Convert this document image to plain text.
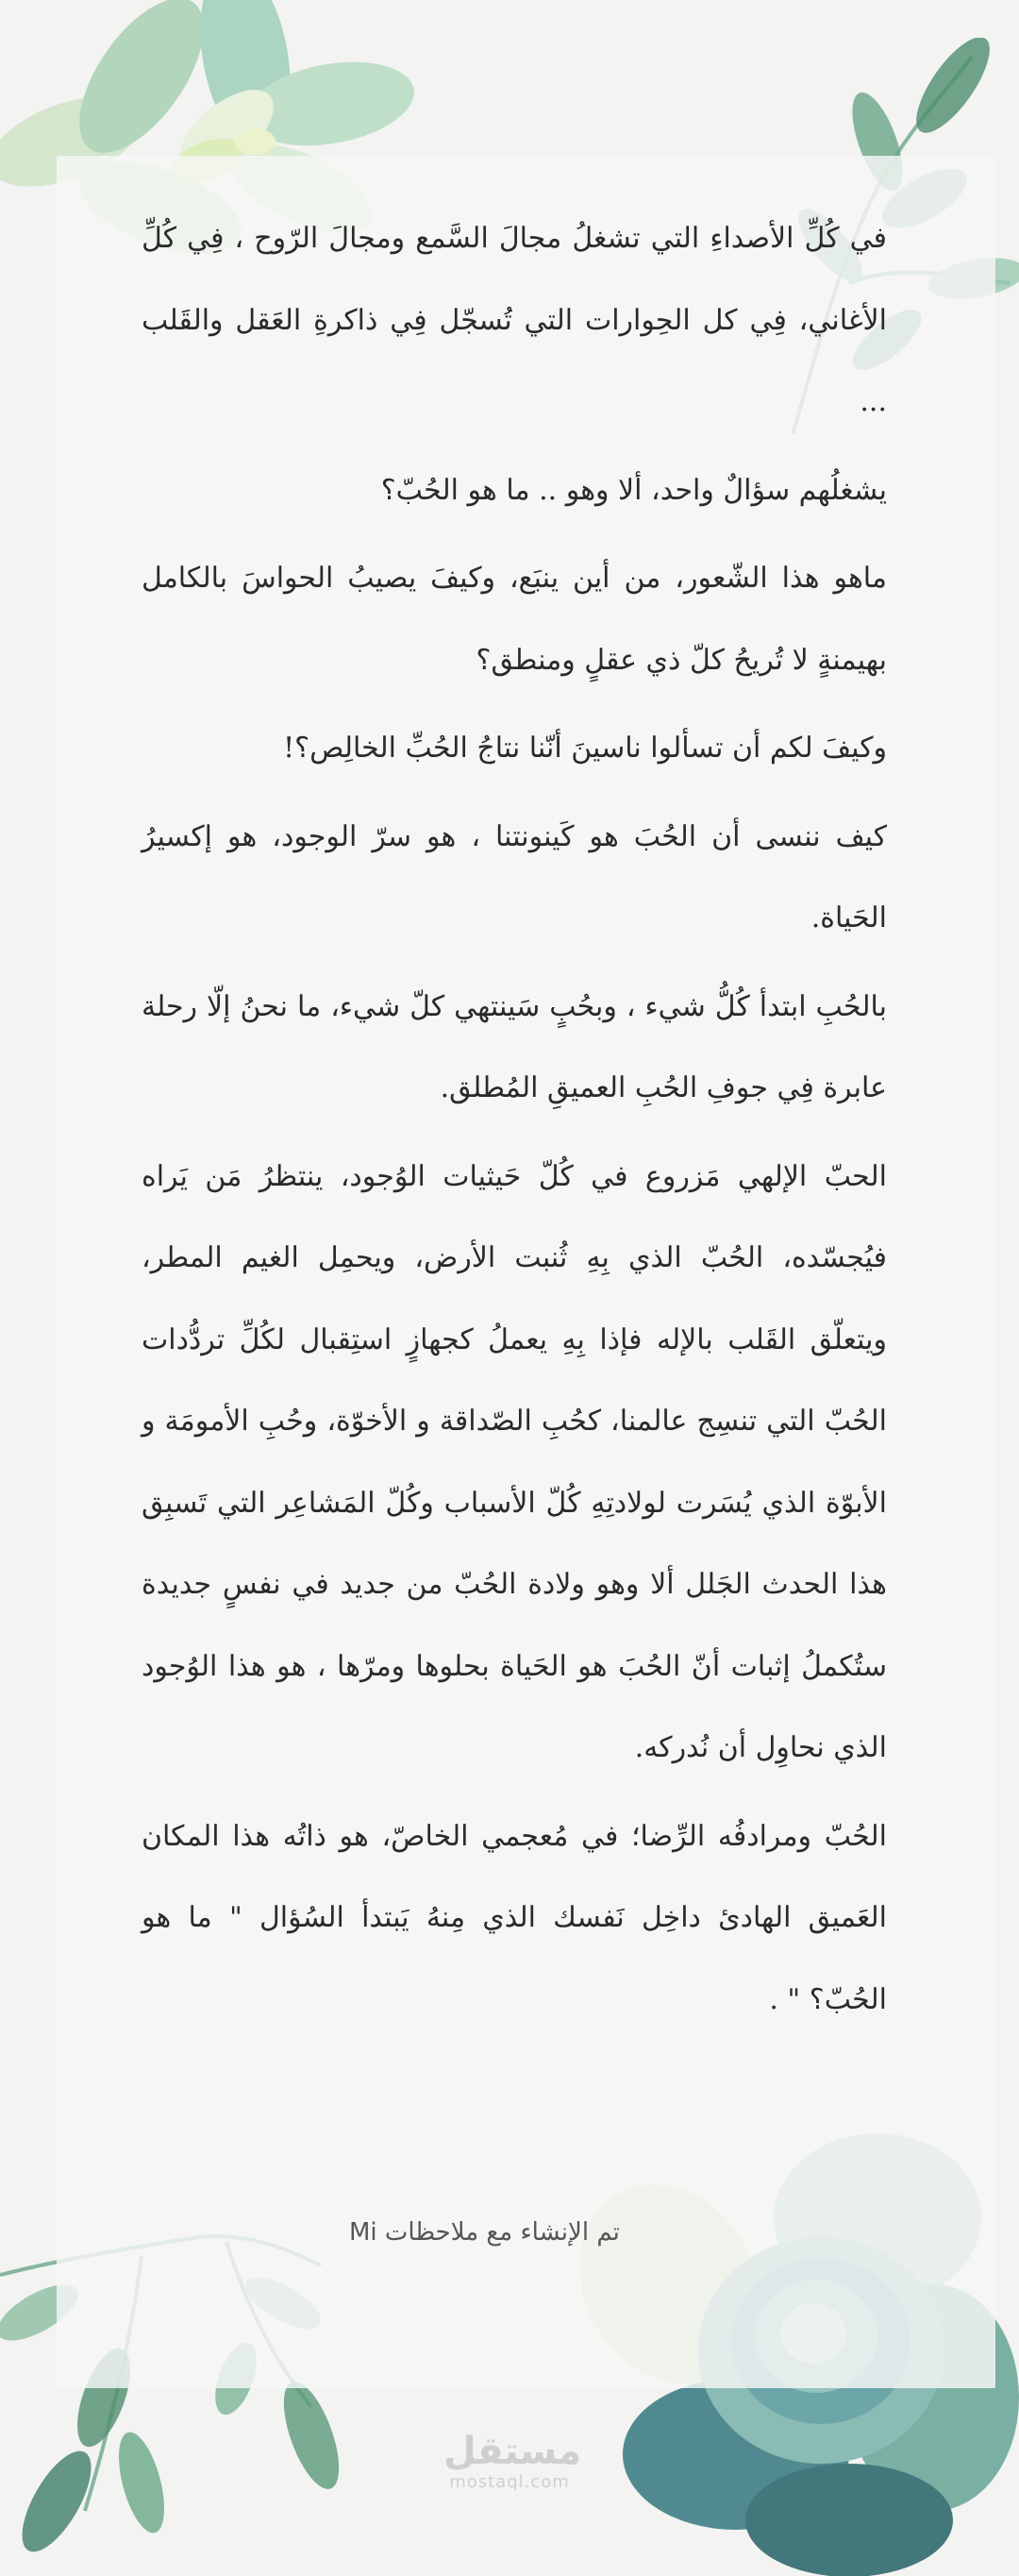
في كُلِّ الأصداءِ التي تشغلُ مجالَ السَّمع ومجالَ الرّوح ، فِي كُلِّ الأغاني، فِي كل الحِوارات التي تُسجّل فِي ذاكرةِ العَقل والقَلب ...

يشغلُهم سؤالٌ واحد، ألا وهو .. ما هو الحُبّ؟

ماهو هذا الشّعور، من أين ينبَع، وكيفَ يصيبُ الحواسَ بالكامل بهيمنةٍ لا تُريحُ كلّ ذي عقلٍ ومنطق؟

وكيفَ لكم أن تسألوا ناسينَ أنّنا نتاجُ الحُبِّ الخالِص؟!

كيف ننسى أن الحُبَ هو كَينونتنا ، هو سرّ الوجود، هو إكسيرُ الحَياة.

بالحُبِ ابتدأ كُلُّ شيء ، وبحُبٍ سَينتهي كلّ شيء، ما نحنُ إلّا رحلة عابرة فِي جوفِ الحُبِ العميقِ المُطلق.

الحبّ الإلهي مَزروع في كُلّ حَيثيات الوُجود، ينتظرُ مَن يَراه فيُجسّده، الحُبّ الذي بِهِ ثُنبت الأرض، ويحمِل الغيم المطر، ويتعلّق القَلب بالإله فإذا بِهِ يعملُ كجهازٍ استِقبال لكُلِّ تردُّدات الحُبّ التي تنسِج عالمنا، كحُبِ الصّداقة و الأخوّة، وحُبِ الأمومَة و الأبوّة الذي يُسَرت لولادتِهِ كُلّ الأسباب وكُلّ المَشاعِر التي تَسبِق هذا الحدث الجَلل ألا وهو ولادة الحُبّ من جديد في نفسٍ جديدة ستُكملُ إثبات أنّ الحُبَ هو الحَياة بحلوها ومرّها ، هو هذا الوُجود الذي نحاوِل أن نُدركه.

الحُبّ ومرادفُه الرِّضا؛ في مُعجمي الخاصّ، هو ذاتُه هذا المكان العَميق الهادئ داخِل نَفسك الذي مِنهُ يَبتدأ السُؤال " ما هو الحُبّ؟ " .

تم الإنشاء مع ملاحظات Mi
مستقل
mostaql.com
